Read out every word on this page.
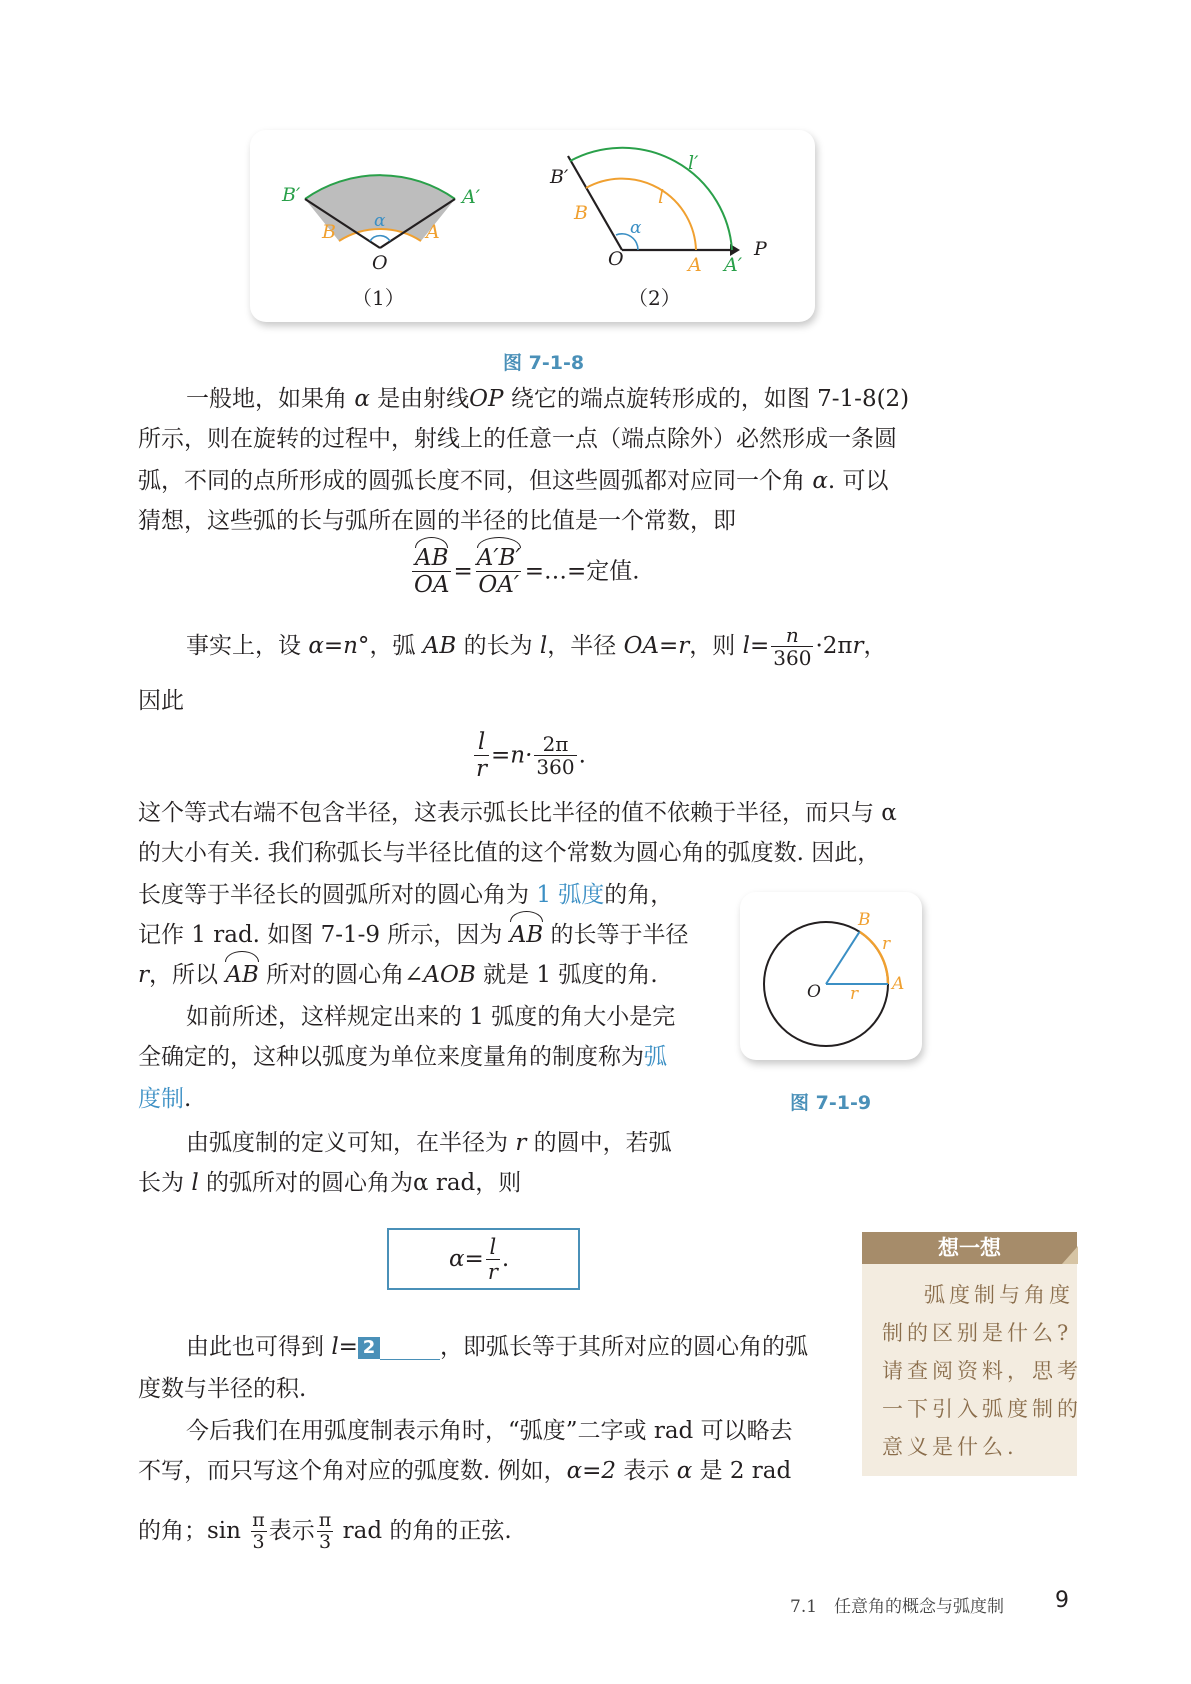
B′	A′
B	A
α
O
（1）
B′
l′
B
l
α
O	A A′
P
（2）
图 7-1-8
一般地，如果角 α 是由射线OP 绕它的端点旋转形成的，如图 7-1-8(2)
所示，则在旋转的过程中，射线上的任意一点（端点除外）必然形成一条圆
弧，不同的点所形成的圆弧长度不同，但这些圆弧都对应同一个角 α. 可以
猜想，这些弧的长与弧所在圆的半径的比值是一个常数，即
$\frac{AB}{OA} = \frac{A'B'}{OA'}$ =…=定值.
事实上，设 α=n°，弧 AB 的长为 l，半径 OA=r，则 $l= \frac{n}{360} \cdot 2\pi r$，
因此
$\frac{l}{r} =n\cdot \frac{2\pi}{360}$ .
这个等式右端不包含半径，这表示弧长比半径的值不依赖于半径，而只与 α
的大小有关. 我们称弧长与半径比值的这个常数为圆心角的弧度数. 因此，
长度等于半径长的圆弧所对的圆心角为 1 弧度的角，
记作 1 rad. 如图 7-1-9 所示，因为 AB 的长等于半径
r，所以 AB 所对的圆心角∠AOB 就是 1 弧度的角.
如前所述，这样规定出来的 1 弧度的角大小是完
全确定的，这种以弧度为单位来度量角的制度称为弧
度制.
B
r
O r A
图 7-1-9
由弧度制的定义可知，在半径为 r 的圆中，若弧
长为 l 的弧所对的圆心角为α rad，则
$\alpha= \frac{l}{r}$ .
由此也可得到 l= 2	，即弧长等于其所对应的圆心角的弧
度数与半径的积.
今后我们在用弧度制表示角时，“弧度”二字或 rad 可以略去
不写，而只写这个角对应的弧度数. 例如，α=2 表示 α 是 2 rad
的角；$\sin \frac{\pi}{3}$ 表示 $\frac{\pi}{3}$ rad 的角的正弦.
想一想
弧度制与角度
制的区别是什么?
请查阅资料，思考
一下引入弧度制的
意义是什么.
7.1　任意角的概念与弧度制 9
